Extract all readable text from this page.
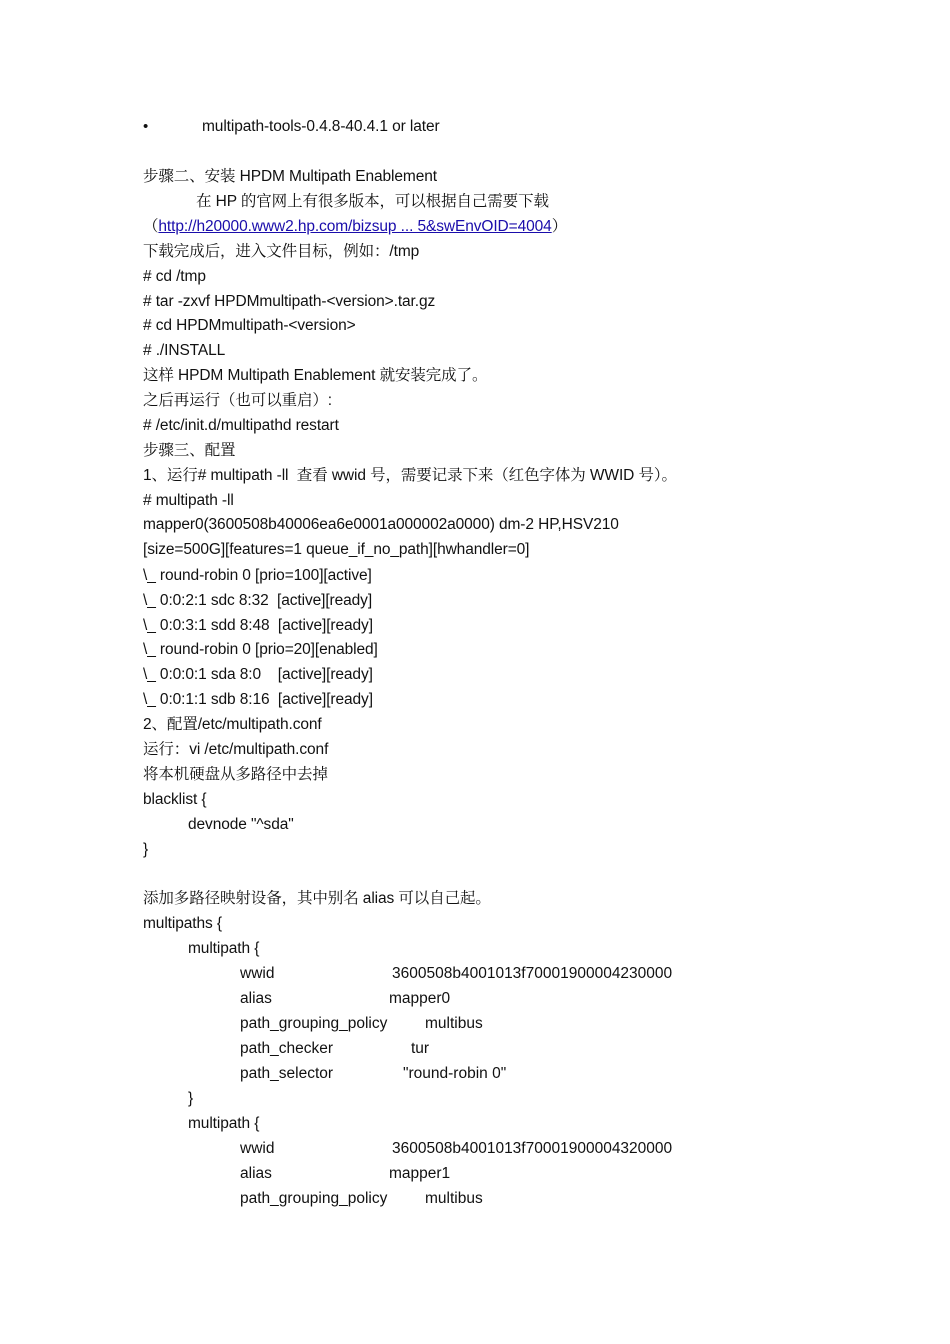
•	multipath-tools-0.4.8-40.4.1 or later
步骤二、安装 HPDM Multipath Enablement
在 HP 的官网上有很多版本，可以根据自己需要下载
（http://h20000.www2.hp.com/bizsup ... 5&swEnvOID=4004）
下载完成后，进入文件目标，例如：/tmp
# cd /tmp
# tar -zxvf HPDMmultipath-<version>.tar.gz
# cd HPDMmultipath-<version>
# ./INSTALL
这样 HPDM Multipath Enablement 就安装完成了。
之后再运行（也可以重启）:
# /etc/init.d/multipathd restart
步骤三、配置
1、运行# multipath -ll  查看 wwid 号，需要记录下来（红色字体为 WWID 号）。
# multipath -ll
mapper0(3600508b40006ea6e0001a000002a0000) dm-2 HP,HSV210
[size=500G][features=1 queue_if_no_path][hwhandler=0]
\_ round-robin 0 [prio=100][active]
\_ 0:0:2:1 sdc 8:32  [active][ready]
\_ 0:0:3:1 sdd 8:48  [active][ready]
\_ round-robin 0 [prio=20][enabled]
\_ 0:0:0:1 sda 8:0    [active][ready]
\_ 0:0:1:1 sdb 8:16  [active][ready]
2、配置/etc/multipath.conf
运行：vi /etc/multipath.conf
将本机硬盘从多路径中去掉
blacklist {
devnode "^sda"
}
添加多路径映射设备，其中别名 alias 可以自己起。
multipaths {
multipath {
wwid	3600508b4001013f70001900004230000
alias	mapper0
path_grouping_policy multibus
path_checker	tur
path_selector	"round-robin 0"
}
multipath {
wwid	3600508b4001013f70001900004320000
alias	mapper1
path_grouping_policy multibus
